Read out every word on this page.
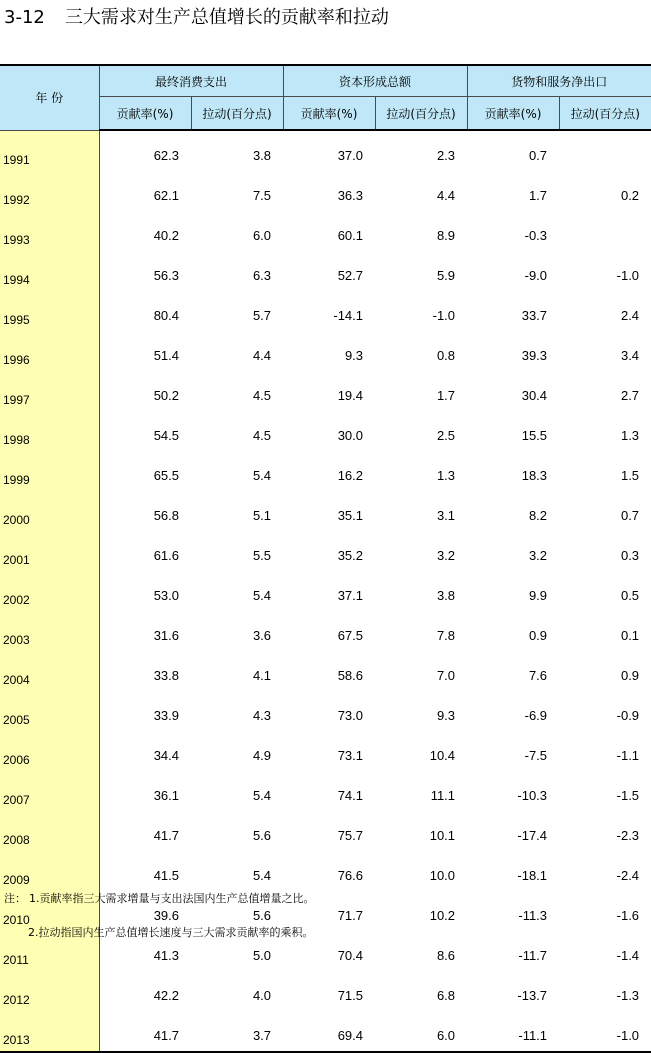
3-12 三大需求对生产总值增长的贡献率和拉动
年 份	最终消费支出		资本形成总额		货物和服务净出口	
	贡献率(%)	拉动(百分点)	贡献率(%)	拉动(百分点)	贡献率(%)	拉动(百分点)
1991	62.3	3.8	37.0	2.3	0.7	
1992	62.1	7.5	36.3	4.4	1.7	0.2
1993	40.2	6.0	60.1	8.9	-0.3	
1994	56.3	6.3	52.7	5.9	-9.0	-1.0
1995	80.4	5.7	-14.1	-1.0	33.7	2.4
1996	51.4	4.4	9.3	0.8	39.3	3.4
1997	50.2	4.5	19.4	1.7	30.4	2.7
1998	54.5	4.5	30.0	2.5	15.5	1.3
1999	65.5	5.4	16.2	1.3	18.3	1.5
2000	56.8	5.1	35.1	3.1	8.2	0.7
2001	61.6	5.5	35.2	3.2	3.2	0.3
2002	53.0	5.4	37.1	3.8	9.9	0.5
2003	31.6	3.6	67.5	7.8	0.9	0.1
2004	33.8	4.1	58.6	7.0	7.6	0.9
2005	33.9	4.3	73.0	9.3	-6.9	-0.9
2006	34.4	4.9	73.1	10.4	-7.5	-1.1
2007	36.1	5.4	74.1	11.1	-10.3	-1.5
2008	41.7	5.6	75.7	10.1	-17.4	-2.3
2009	41.5	5.4	76.6	10.0	-18.1	-2.4
2010	39.6	5.6	71.7	10.2	-11.3	-1.6
2011	41.3	5.0	70.4	8.6	-11.7	-1.4
2012	42.2	4.0	71.5	6.8	-13.7	-1.3
2013	41.7	3.7	69.4	6.0	-11.1	-1.0
注： 1.贡献率指三大需求增量与支出法国内生产总值增量之比。
2.拉动指国内生产总值增长速度与三大需求贡献率的乘积。
